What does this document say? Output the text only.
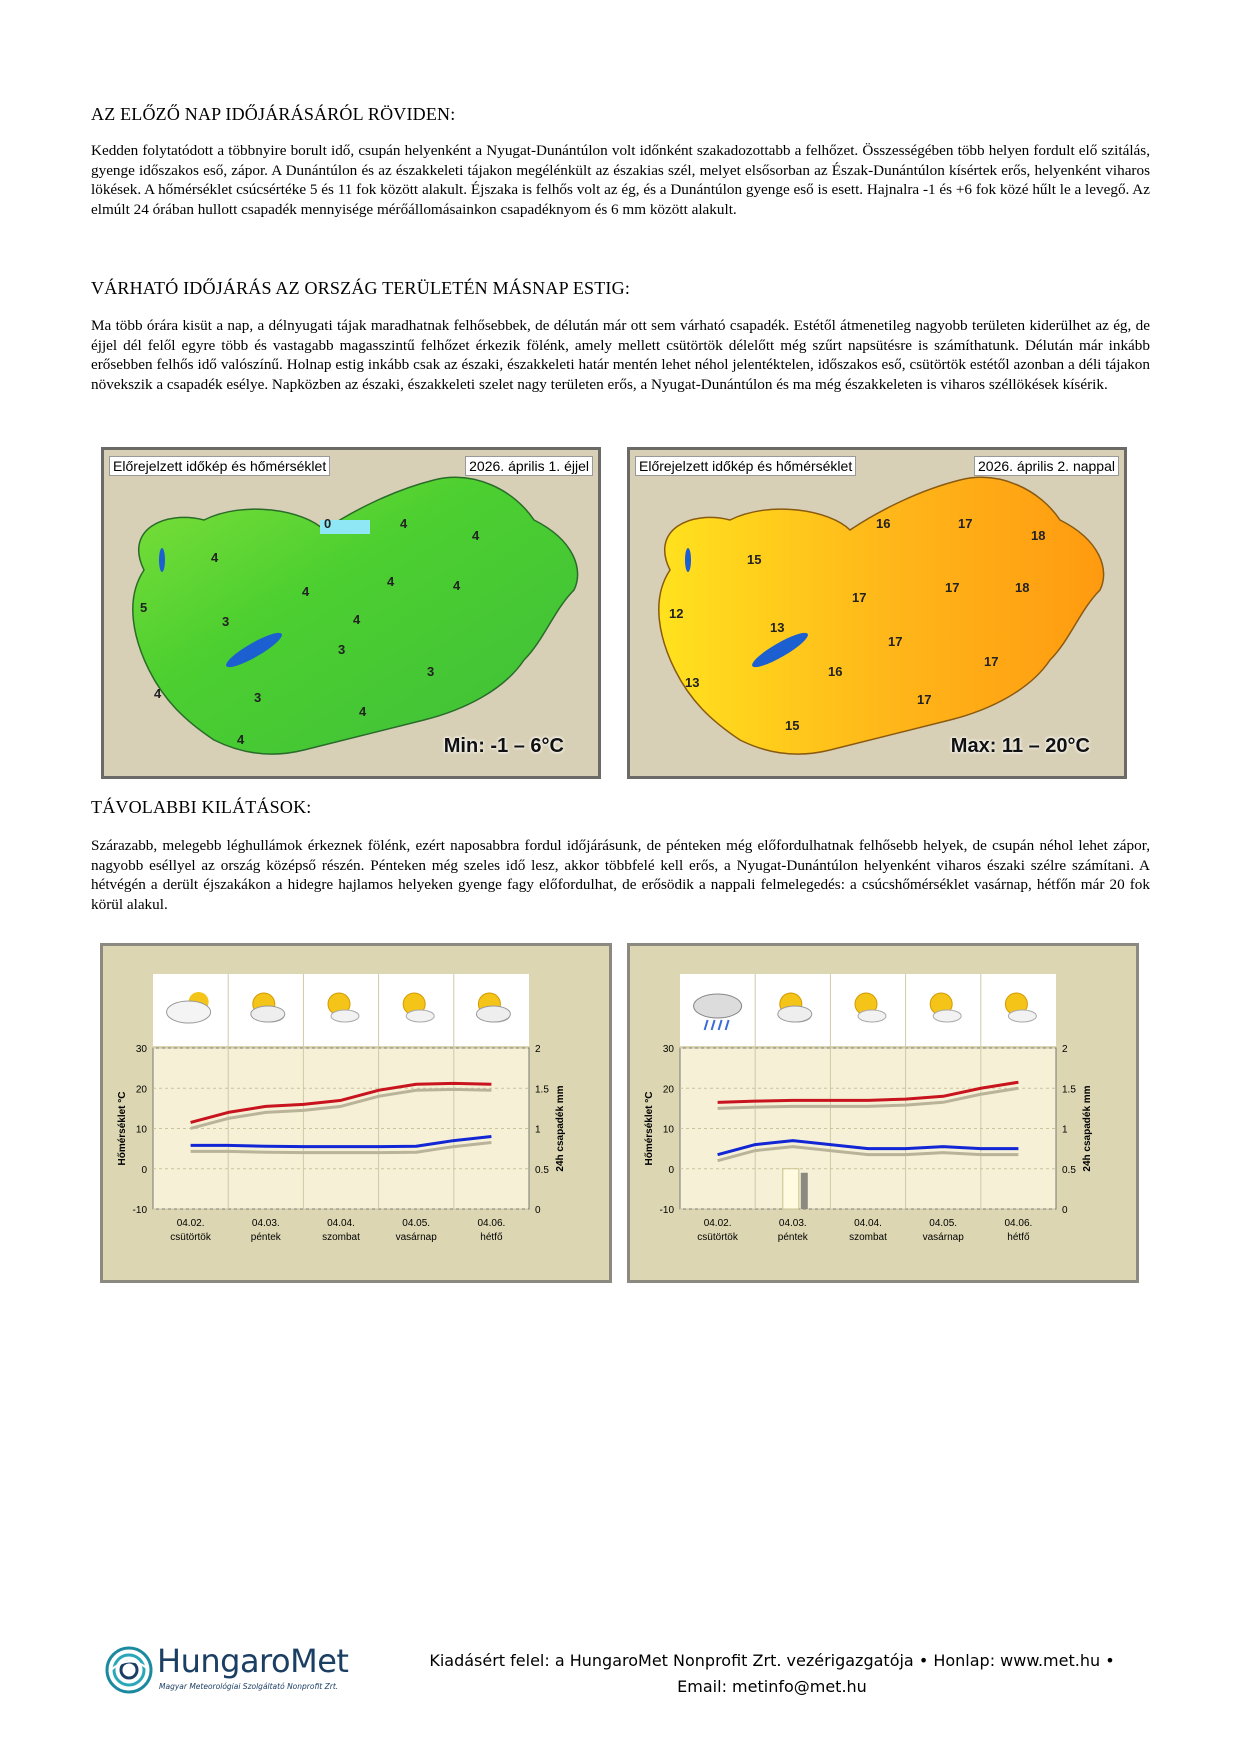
AZ ELŐZŐ NAP IDŐJÁRÁSÁRÓL RÖVIDEN:
Kedden folytatódott a többnyire borult idő, csupán helyenként a Nyugat-Dunántúlon volt időnként szakadozottabb a felhőzet. Összességében több helyen fordult elő szitálás, gyenge időszakos eső, zápor. A Dunántúlon és az északkeleti tájakon megélénkült az északias szél, melyet elsősorban az Észak-Dunántúlon kísértek erős, helyenként viharos lökések. A hőmérséklet csúcsértéke 5 és 11 fok között alakult. Éjszaka is felhős volt az ég, és a Dunántúlon gyenge eső is esett. Hajnalra -1 és +6 fok közé hűlt le a levegő. Az elmúlt 24 órában hullott csapadék mennyisége mérőállomásainkon csapadéknyom és 6 mm között alakult.
VÁRHATÓ IDŐJÁRÁS AZ ORSZÁG TERÜLETÉN MÁSNAP ESTIG:
Ma több órára kisüt a nap, a délnyugati tájak maradhatnak felhősebbek, de délután már ott sem várható csapadék. Estétől átmenetileg nagyobb területen kiderülhet az ég, de éjjel dél felől egyre több és vastagabb magasszintű felhőzet érkezik fölénk, amely mellett csütörtök délelőtt még szűrt napsütésre is számíthatunk. Délután már inkább erősebben felhős idő valószínű. Holnap estig inkább csak az északi, északkeleti határ mentén lehet néhol jelentéktelen, időszakos eső, csütörtök estétől azonban a déli tájakon növekszik a csapadék esélye. Napközben az északi, északkeleti szelet nagy területen erős, a Nyugat-Dunántúlon és ma még északkeleten is viharos széllökések kísérik.
Előrejelzett időkép és hőmérséklet	2026. április 1. éjjel
0	4
4
4
4	4
5
3
4
4
3
3
4	3
4
4	Min: -1 – 6°C
Előrejelzett időkép és hőmérséklet	2026. április 2. nappal
16	17
18
15
17
17	18
12
13
17
17
16
13
17
15
Max: 11 – 20°C
TÁVOLABBI KILÁTÁSOK:
Szárazabb, melegebb léghullámok érkeznek fölénk, ezért naposabbra fordul időjárásunk, de pénteken még előfordulhatnak felhősebb helyek, de csupán néhol lehet zápor, nagyobb eséllyel az ország középső részén. Pénteken még szeles idő lesz, akkor többfelé kell erős, a Nyugat-Dunántúlon helyenként viharos északi szélre számítani. A hétvégén a derült éjszakákon a hidegre hajlamos helyeken gyenge fagy előfordulhat, de erősödik a nappali felmelegedés: a csúcshőmérséklet vasárnap, hétfőn már 20 fok körül alakul.
30
20
10
0
-10
2
1.5
1
0.5
0
Hőmérséklet °C	24h csapadék mm
04.02.
csütörtök
04.03.
péntek
04.04.
szombat
04.05.
vasárnap
04.06.
hétfő
30
20
10
0
-10
2
1.5
1
0.5
0
Hőmérséklet °C	24h csapadék mm
04.02.
csütörtök
04.03.
péntek
04.04.
szombat
04.05.
vasárnap
04.06.
hétfő
HungaroMet
Magyar Meteorológiai Szolgáltató Nonprofit Zrt.
Kiadásért felel: a HungaroMet Nonprofit Zrt. vezérigazgatója • Honlap: www.met.hu •
Email: metinfo@met.hu
